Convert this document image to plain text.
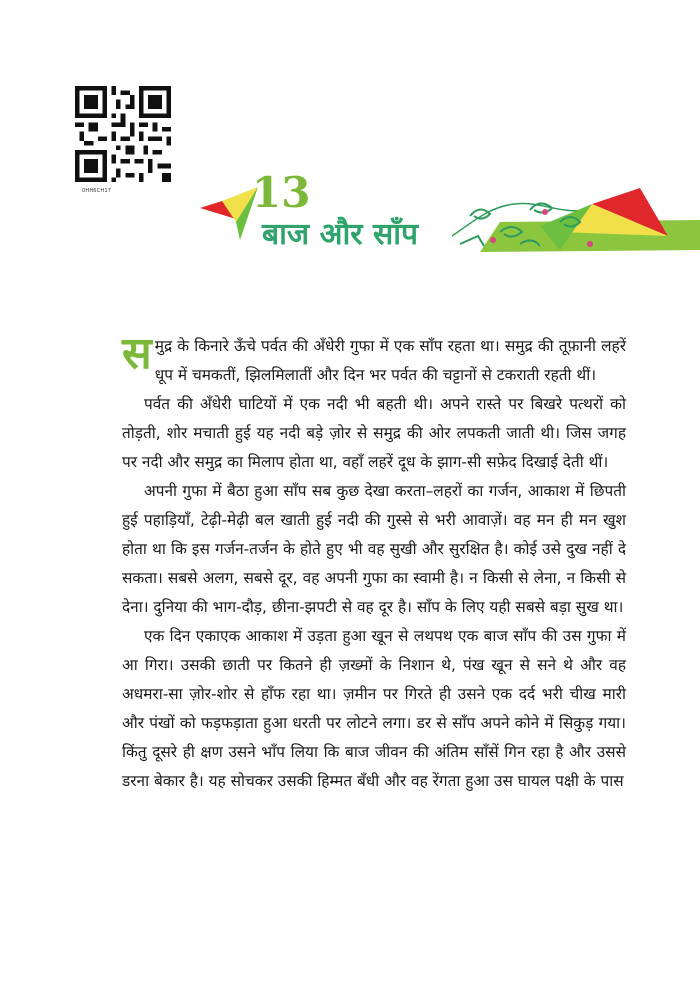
0HH6CH17	13
बाज और साँप

समुद्र के किनारे ऊँचे पर्वत की अँधेरी गुफा में एक साँप रहता था। समुद्र की तूफ़ानी लहरें धूप में चमकतीं, झिलमिलातीं और दिन भर पर्वत की चट्टानों से टकराती रहती थीं।

पर्वत की अँधेरी घाटियों में एक नदी भी बहती थी। अपने रास्ते पर बिखरे पत्थरों को तोड़ती, शोर मचाती हुई यह नदी बड़े ज़ोर से समुद्र की ओर लपकती जाती थी। जिस जगह पर नदी और समुद्र का मिलाप होता था, वहाँ लहरें दूध के झाग-सी सफ़ेद दिखाई देती थीं।

अपनी गुफा में बैठा हुआ साँप सब कुछ देखा करता–लहरों का गर्जन, आकाश में छिपती हुई पहाड़ियाँ, टेढ़ी-मेढ़ी बल खाती हुई नदी की गुस्से से भरी आवाज़ें। वह मन ही मन खुश होता था कि इस गर्जन-तर्जन के होते हुए भी वह सुखी और सुरक्षित है। कोई उसे दुख नहीं दे सकता। सबसे अलग, सबसे दूर, वह अपनी गुफा का स्वामी है। न किसी से लेना, न किसी से देना। दुनिया की भाग-दौड़, छीना-झपटी से वह दूर है। साँप के लिए यही सबसे बड़ा सुख था।

एक दिन एकाएक आकाश में उड़ता हुआ खून से लथपथ एक बाज साँप की उस गुफा में आ गिरा। उसकी छाती पर कितने ही ज़ख्मों के निशान थे, पंख खून से सने थे और वह अधमरा-सा ज़ोर-शोर से हाँफ रहा था। ज़मीन पर गिरते ही उसने एक दर्द भरी चीख मारी और पंखों को फड़फड़ाता हुआ धरती पर लोटने लगा। डर से साँप अपने कोने में सिकुड़ गया। किंतु दूसरे ही क्षण उसने भाँप लिया कि बाज जीवन की अंतिम साँसें गिन रहा है और उससे डरना बेकार है। यह सोचकर उसकी हिम्मत बँधी और वह रेंगता हुआ उस घायल पक्षी के पास
